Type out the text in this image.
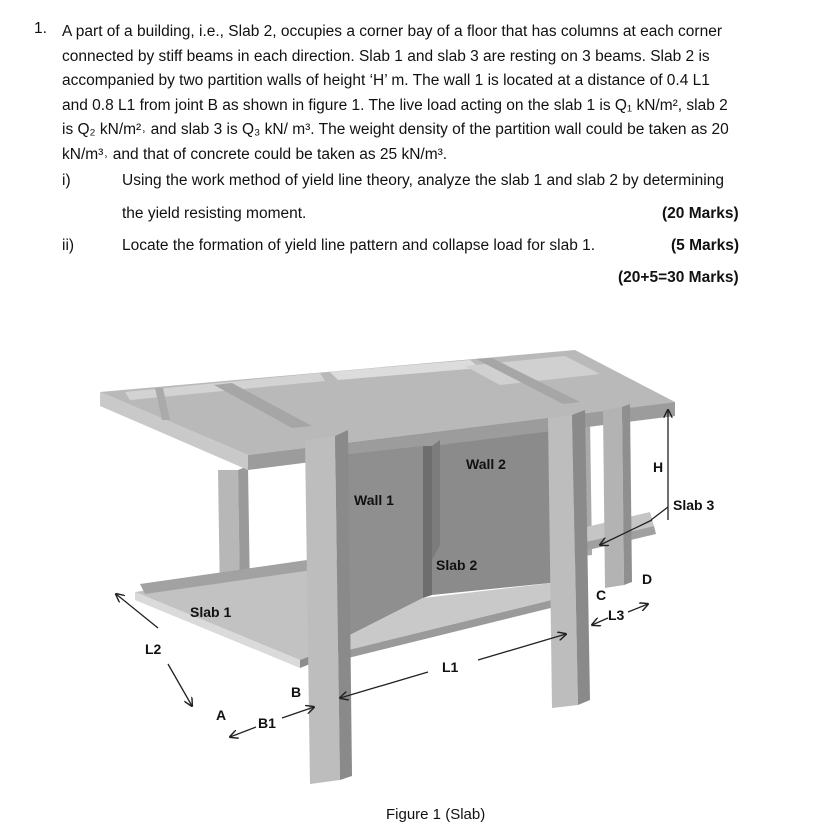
1. A part of a building, i.e., Slab 2, occupies a corner bay of a floor that has columns at each corner
connected by stiff beams in each direction. Slab 1 and slab 3 are resting on 3 beams. Slab 2 is
accompanied by two partition walls of height ‘H’ m. The wall 1 is located at a distance of 0.4 L1
and 0.8 L1 from joint B as shown in figure 1. The live load acting on the slab 1 is Q₁ kN/m², slab 2
is Q₂ kN/m²˒ and slab 3 is Q₃ kN/ m³. The weight density of the partition wall could be taken as 20
kN/m³˒ and that of concrete could be taken as 25 kN/m³.
i)	Using the work method of yield line theory, analyze the slab 1 and slab 2 by determining
the yield resisting moment.	(20 Marks)
ii)	Locate the formation of yield line pattern and collapse load for slab 1.	(5 Marks)
(20+5=30 Marks)
Wall 1
Wall 2
Slab 2
Slab 1
Slab 3
H
L1
L2
L3
B1
A
B
C
D
Figure 1 (Slab)
